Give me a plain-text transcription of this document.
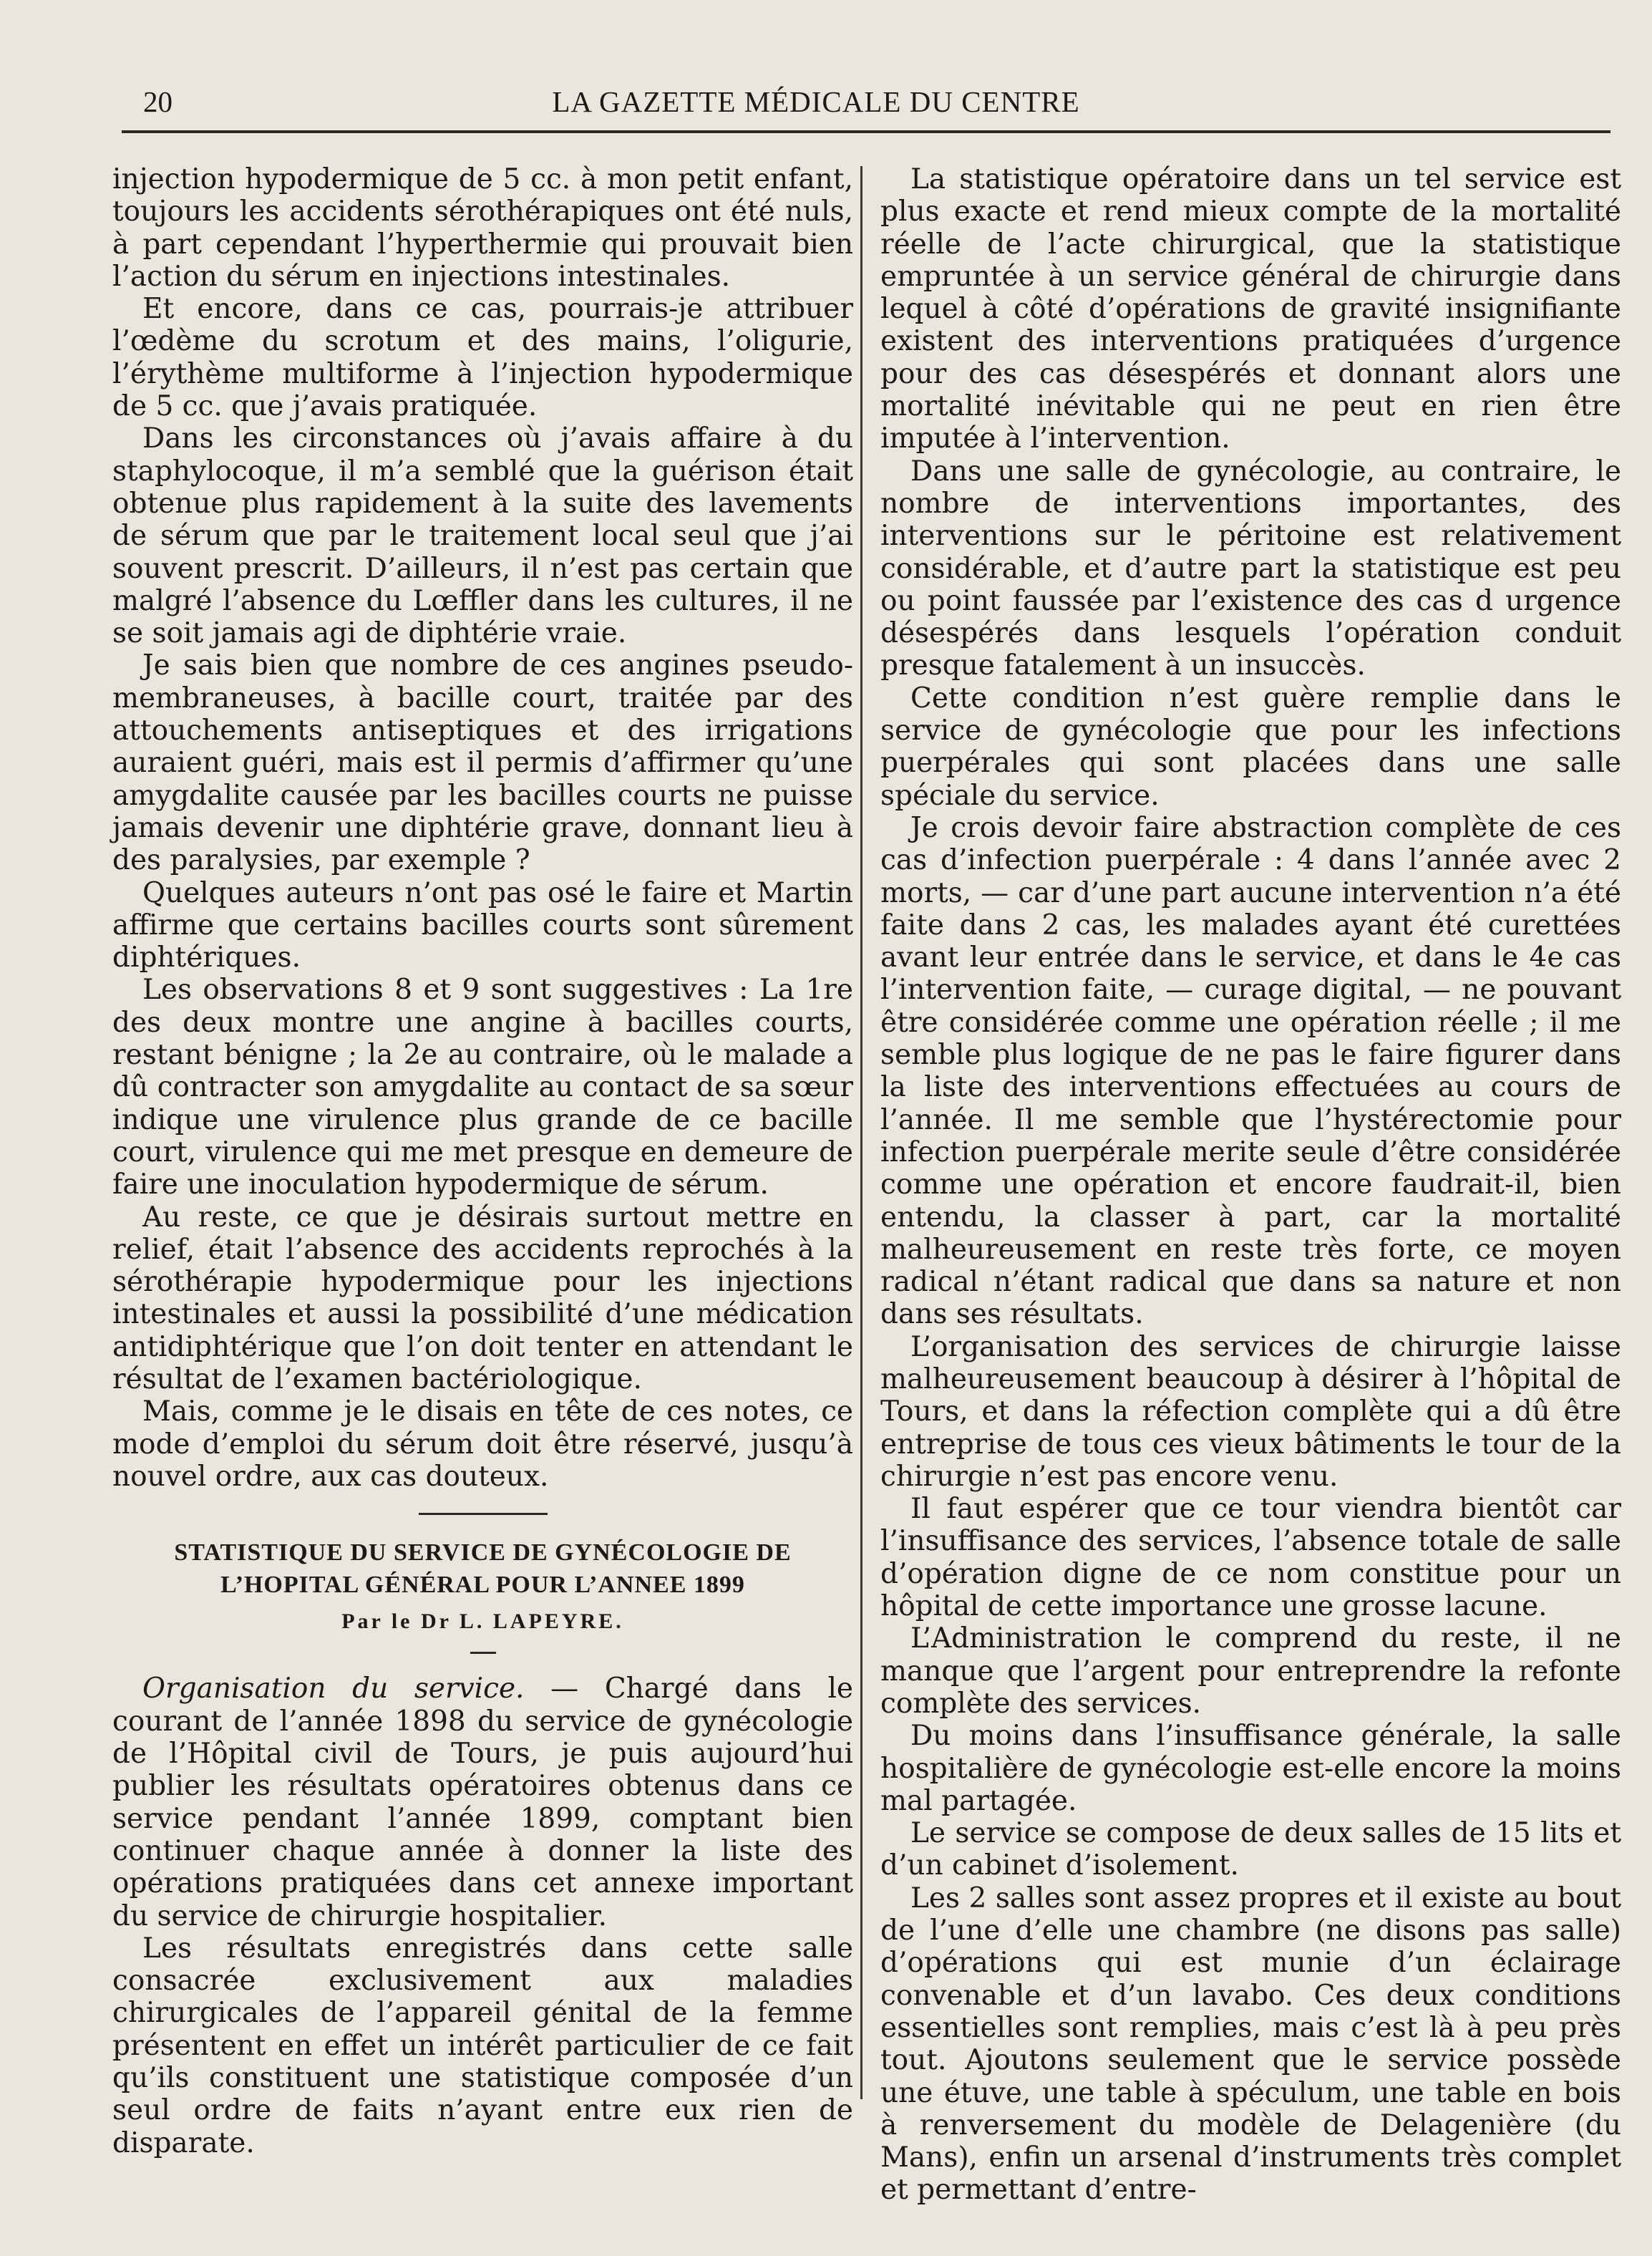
20	LA GAZETTE MÉDICALE DU CENTRE

injection hypodermique de 5 cc. à mon petit enfant, toujours les accidents sérothérapiques ont été nuls, à part cependant l’hyperthermie qui prouvait bien l’action du sérum en injections intestinales.

Et encore, dans ce cas, pourrais-je attribuer l’œdème du scrotum et des mains, l’oligurie, l’érythème multiforme à l’injection hypodermique de 5 cc. que j’avais pratiquée.

Dans les circonstances où j’avais affaire à du staphylocoque, il m’a semblé que la guérison était obtenue plus rapidement à la suite des lavements de sérum que par le traitement local seul que j’ai souvent prescrit. D’ailleurs, il n’est pas certain que malgré l’absence du Lœffler dans les cultures, il ne se soit jamais agi de diphtérie vraie.

Je sais bien que nombre de ces angines pseudo-membraneuses, à bacille court, traitée par des attouchements antiseptiques et des irrigations auraient guéri, mais est il permis d’affirmer qu’une amygdalite causée par les bacilles courts ne puisse jamais devenir une diphtérie grave, donnant lieu à des paralysies, par exemple ?

Quelques auteurs n’ont pas osé le faire et Martin affirme que certains bacilles courts sont sûrement diphtériques.

Les observations 8 et 9 sont suggestives : La 1re des deux montre une angine à bacilles courts, restant bénigne ; la 2e au contraire, où le malade a dû contracter son amygdalite au contact de sa sœur indique une virulence plus grande de ce bacille court, virulence qui me met presque en demeure de faire une inoculation hypodermique de sérum.

Au reste, ce que je désirais surtout mettre en relief, était l’absence des accidents reprochés à la sérothérapie hypodermique pour les injections intestinales et aussi la possibilité d’une médication antidiphtérique que l’on doit tenter en attendant le résultat de l’examen bactériologique.

Mais, comme je le disais en tête de ces notes, ce mode d’emploi du sérum doit être réservé, jusqu’à nouvel ordre, aux cas douteux.

STATISTIQUE DU SERVICE DE GYNÉCOLOGIE DE L’HOPITAL GÉNÉRAL POUR L’ANNEE 1899

Par le Dr L. LAPEYRE.

Organisation du service. — Chargé dans le courant de l’année 1898 du service de gynécologie de l’Hôpital civil de Tours, je puis aujourd’hui publier les résultats opératoires obtenus dans ce service pendant l’année 1899, comptant bien continuer chaque année à donner la liste des opérations pratiquées dans cet annexe important du service de chirurgie hospitalier.

Les résultats enregistrés dans cette salle consacrée exclusivement aux maladies chirurgicales de l’appareil génital de la femme présentent en effet un intérêt particulier de ce fait qu’ils constituent une statistique composée d’un seul ordre de faits n’ayant entre eux rien de disparate.

La statistique opératoire dans un tel service est plus exacte et rend mieux compte de la mortalité réelle de l’acte chirurgical, que la statistique empruntée à un service général de chirurgie dans lequel à côté d’opérations de gravité insignifiante existent des interventions pratiquées d’urgence pour des cas désespérés et donnant alors une mortalité inévitable qui ne peut en rien être imputée à l’intervention.

Dans une salle de gynécologie, au contraire, le nombre de interventions importantes, des interventions sur le péritoine est relativement considérable, et d’autre part la statistique est peu ou point faussée par l’existence des cas d urgence désespérés dans lesquels l’opération conduit presque fatalement à un insuccès.

Cette condition n’est guère remplie dans le service de gynécologie que pour les infections puerpérales qui sont placées dans une salle spéciale du service.

Je crois devoir faire abstraction complète de ces cas d’infection puerpérale : 4 dans l’année avec 2 morts, — car d’une part aucune intervention n’a été faite dans 2 cas, les malades ayant été curettées avant leur entrée dans le service, et dans le 4e cas l’intervention faite, — curage digital, — ne pouvant être considérée comme une opération réelle ; il me semble plus logique de ne pas le faire figurer dans la liste des interventions effectuées au cours de l’année. Il me semble que l’hystérectomie pour infection puerpérale merite seule d’être considérée comme une opération et encore faudrait-il, bien entendu, la classer à part, car la mortalité malheureusement en reste très forte, ce moyen radical n’étant radical que dans sa nature et non dans ses résultats.

L’organisation des services de chirurgie laisse malheureusement beaucoup à désirer à l’hôpital de Tours, et dans la réfection complète qui a dû être entreprise de tous ces vieux bâtiments le tour de la chirurgie n’est pas encore venu.

Il faut espérer que ce tour viendra bientôt car l’insuffisance des services, l’absence totale de salle d’opération digne de ce nom constitue pour un hôpital de cette importance une grosse lacune.

L’Administration le comprend du reste, il ne manque que l’argent pour entreprendre la refonte complète des services.

Du moins dans l’insuffisance générale, la salle hospitalière de gynécologie est-elle encore la moins mal partagée.

Le service se compose de deux salles de 15 lits et d’un cabinet d’isolement.

Les 2 salles sont assez propres et il existe au bout de l’une d’elle une chambre (ne disons pas salle) d’opérations qui est munie d’un éclairage convenable et d’un lavabo. Ces deux conditions essentielles sont remplies, mais c’est là à peu près tout. Ajoutons seulement que le service possède une étuve, une table à spéculum, une table en bois à renversement du modèle de Delagenière (du Mans), enfin un arsenal d’instruments très complet et permettant d’entre-
